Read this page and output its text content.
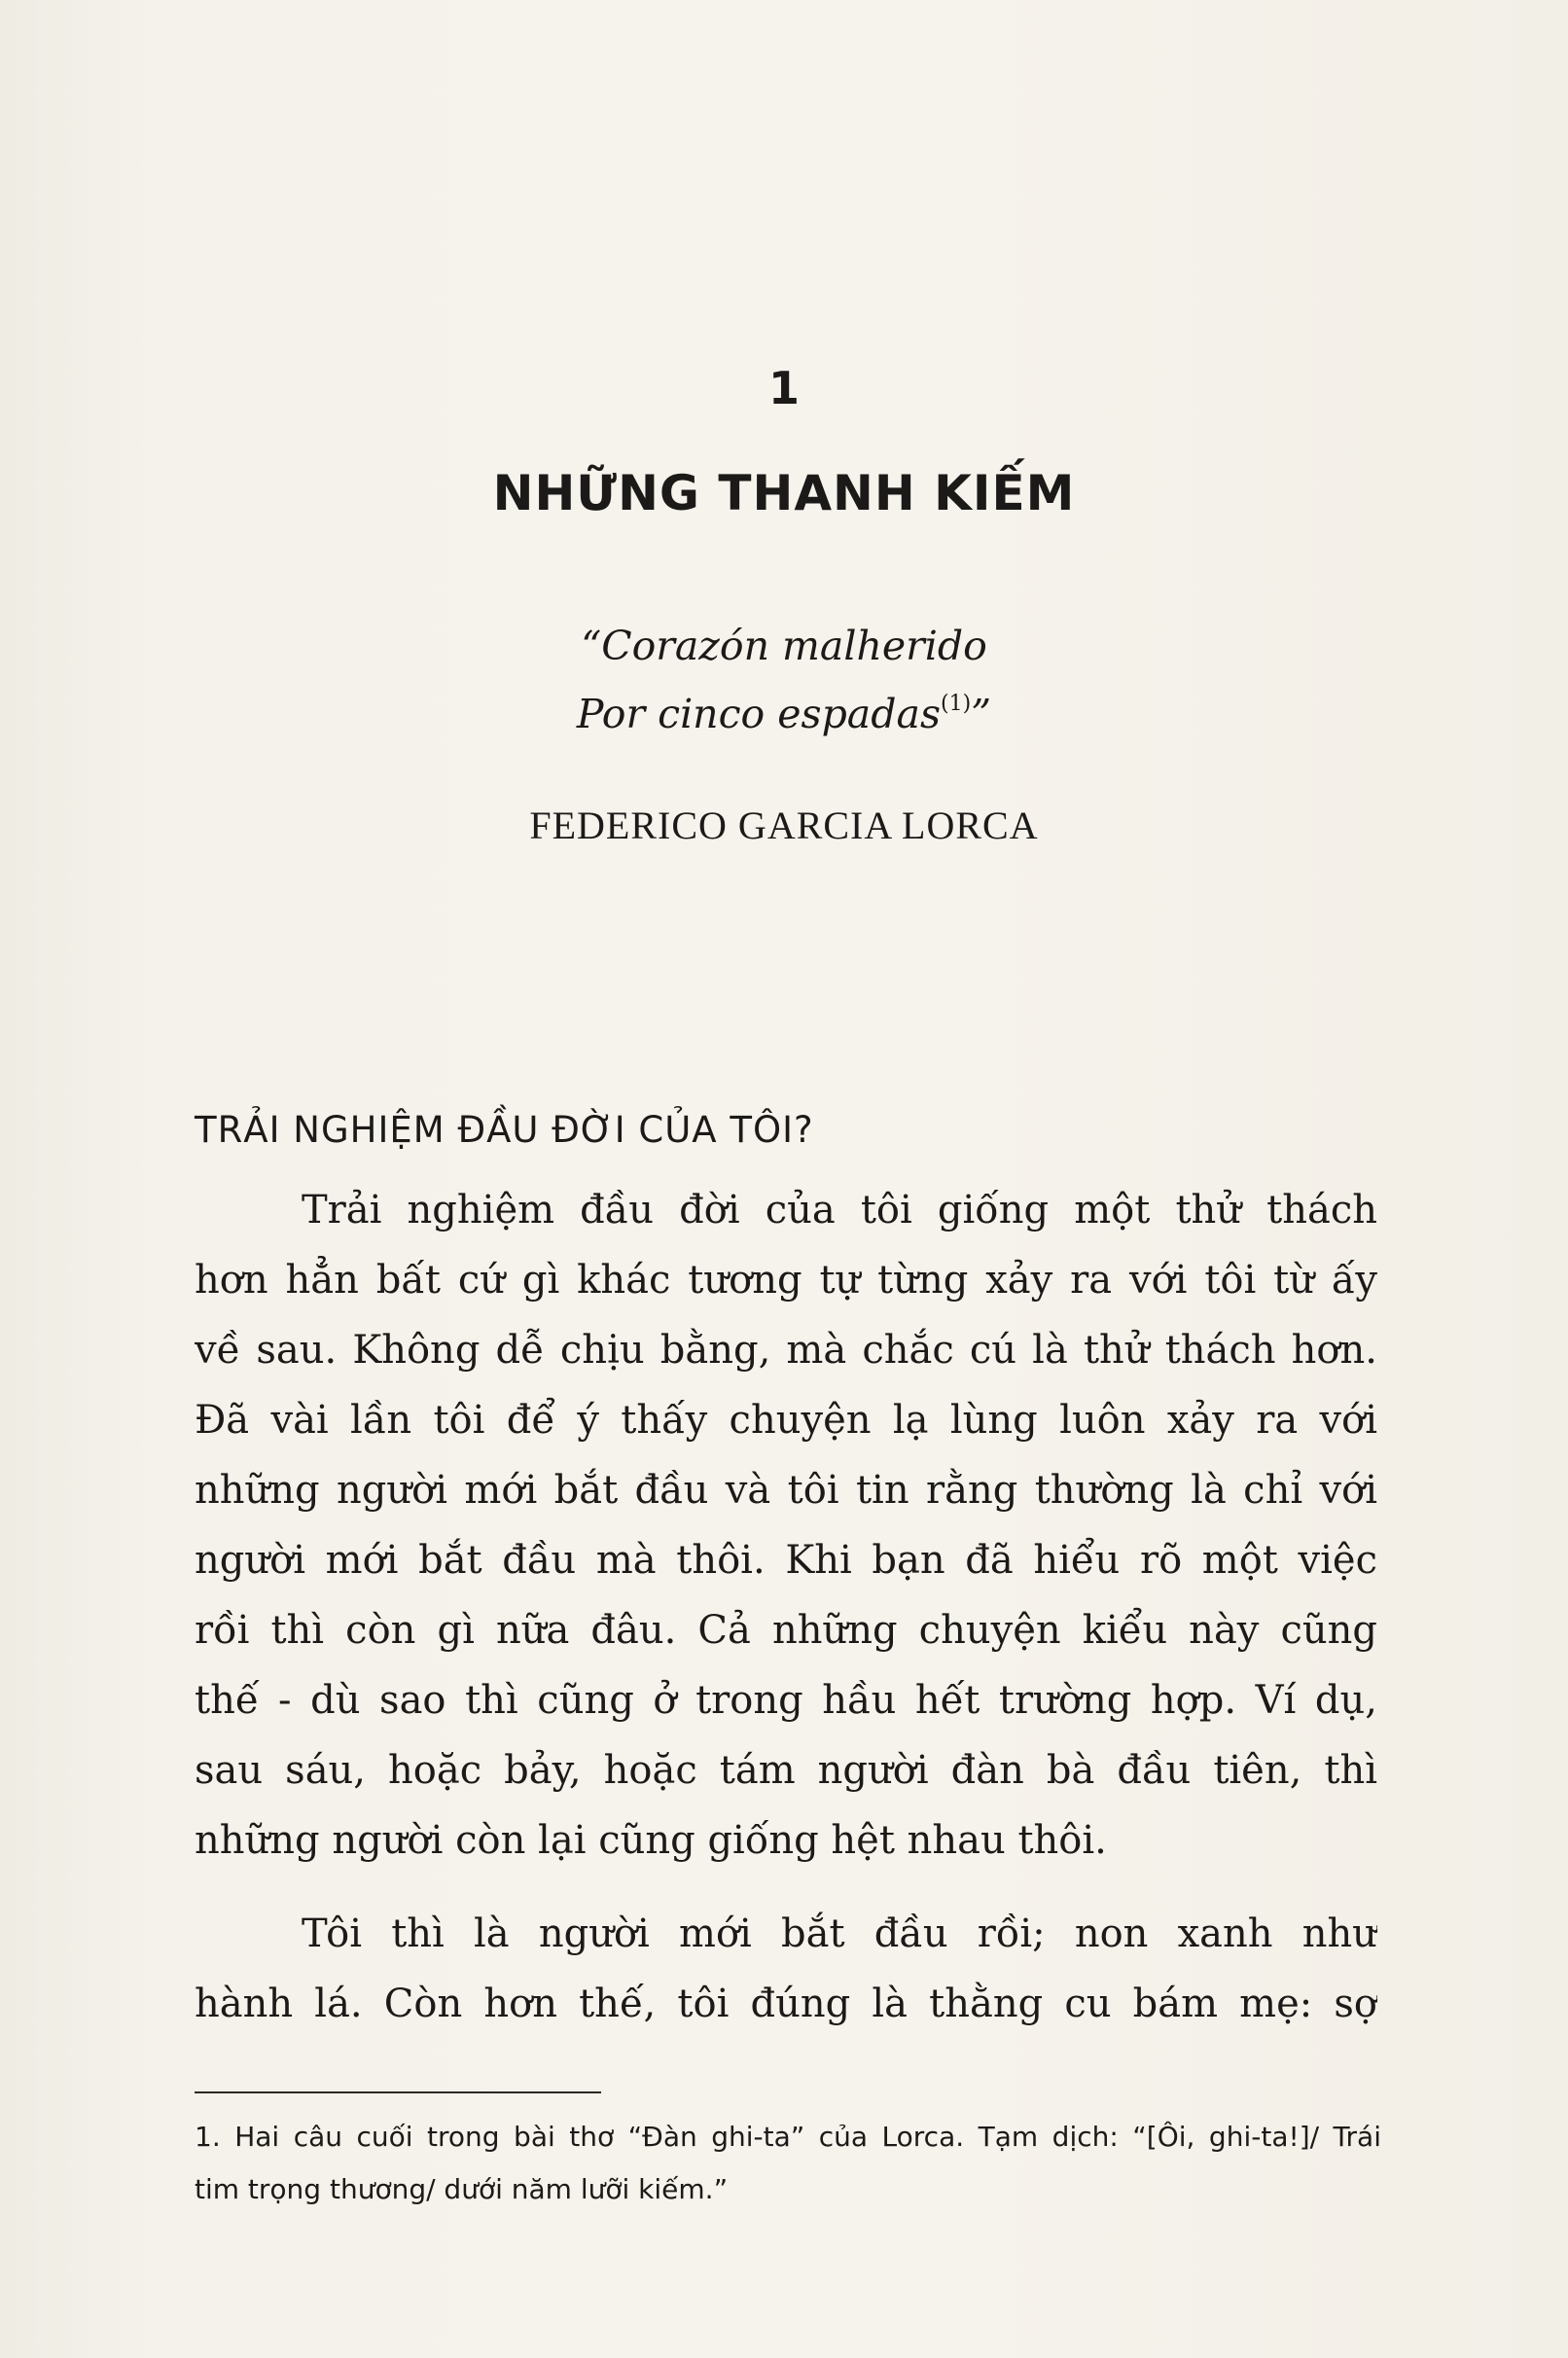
1
NHỮNG THANH KIẾM
“Corazón malherido
Por cinco espadas$^{(1)}$”
FEDERICO GARCIA LORCA
TRẢI NGHIỆM ĐẦU ĐỜI CỦA TÔI?
Trải nghiệm đầu đời của tôi giống một thử thách
hơn hẳn bất cứ gì khác tương tự từng xảy ra với tôi từ ấy
về sau. Không dễ chịu bằng, mà chắc cú là thử thách hơn.
Đã vài lần tôi để ý thấy chuyện lạ lùng luôn xảy ra với
những người mới bắt đầu và tôi tin rằng thường là chỉ với
người mới bắt đầu mà thôi. Khi bạn đã hiểu rõ một việc
rồi thì còn gì nữa đâu. Cả những chuyện kiểu này cũng
thế - dù sao thì cũng ở trong hầu hết trường hợp. Ví dụ,
sau sáu, hoặc bảy, hoặc tám người đàn bà đầu tiên, thì
những người còn lại cũng giống hệt nhau thôi.
Tôi thì là người mới bắt đầu rồi; non xanh như
hành lá. Còn hơn thế, tôi đúng là thằng cu bám mẹ: sợ
1. Hai câu cuối trong bài thơ “Đàn ghi-ta” của Lorca. Tạm dịch: “[Ôi, ghi-ta!]/ Trái
tim trọng thương/ dưới năm lưỡi kiếm.”
